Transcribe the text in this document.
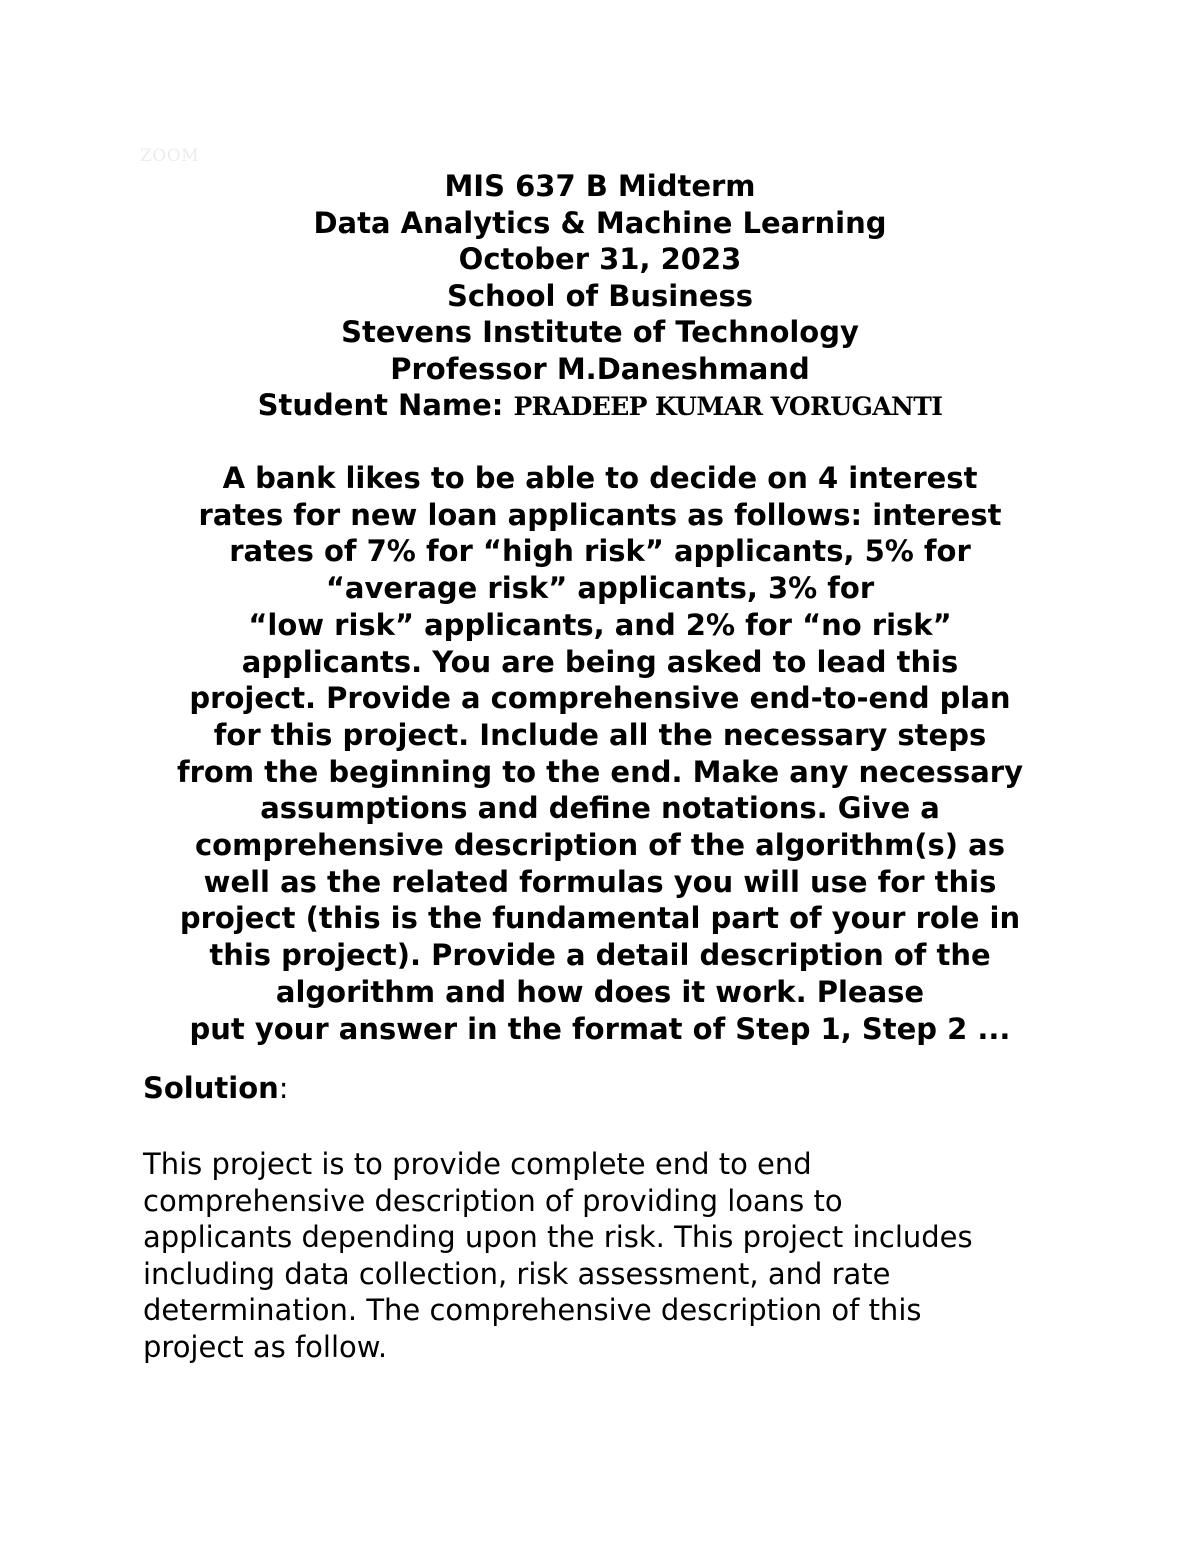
ZOOM
MIS 637 B Midterm
Data Analytics & Machine Learning
October 31, 2023
School of Business
Stevens Institute of Technology
Professor M.Daneshmand
Student Name: PRADEEP KUMAR VORUGANTI
A bank likes to be able to decide on 4 interest
rates for new loan applicants as follows: interest
rates of 7% for “high risk” applicants, 5% for
“average risk” applicants, 3% for
“low risk” applicants, and 2% for “no risk”
applicants. You are being asked to lead this
project. Provide a comprehensive end-to-end plan
for this project. Include all the necessary steps
from the beginning to the end. Make any necessary
assumptions and define notations. Give a
comprehensive description of the algorithm(s) as
well as the related formulas you will use for this
project (this is the fundamental part of your role in
this project). Provide a detail description of the
algorithm and how does it work. Please
put your answer in the format of Step 1, Step 2 ...
Solution:
This project is to provide complete end to end
comprehensive description of providing loans to
applicants depending upon the risk. This project includes
including data collection, risk assessment, and rate
determination. The comprehensive description of this
project as follow.
